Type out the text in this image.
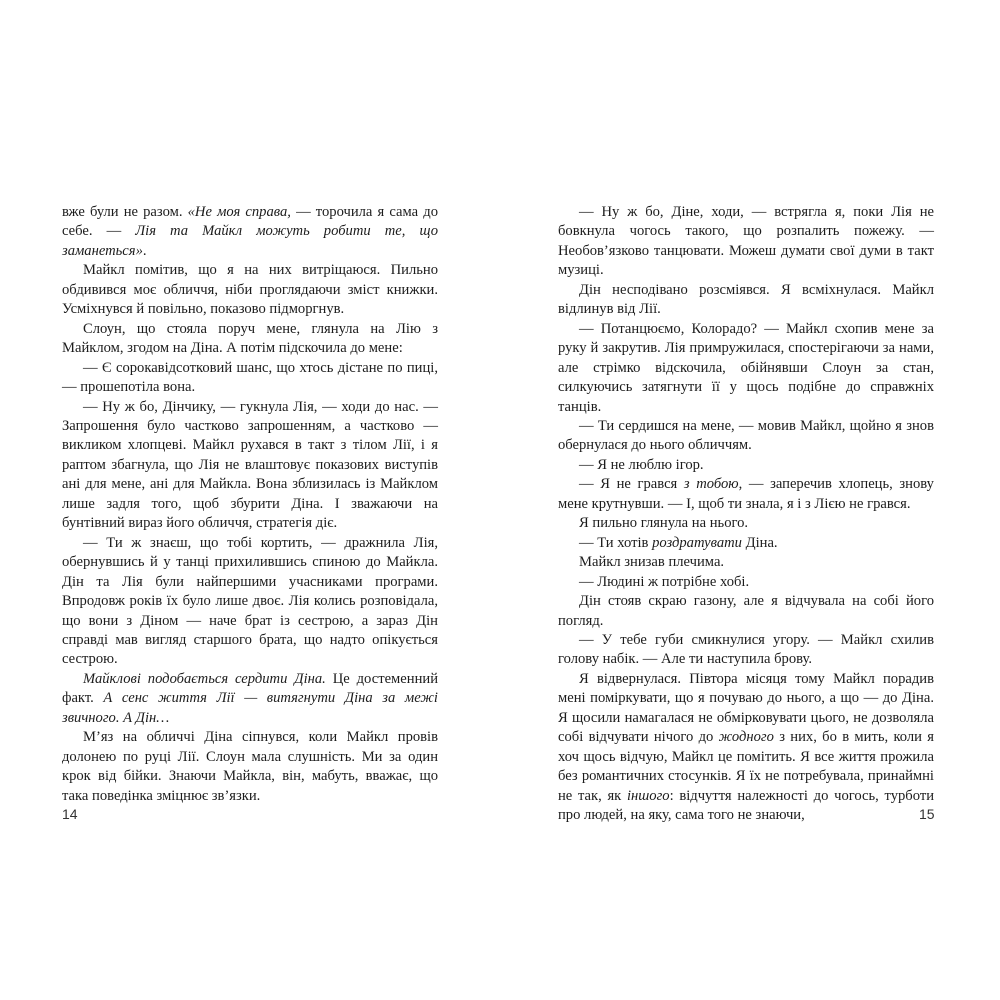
вже були не разом. «Не моя справа, — торочила я сама до себе. — Лія та Майкл можуть робити те, що заманеться».

Майкл помітив, що я на них витріщаюся. Пильно обдивився моє обличчя, ніби проглядаючи зміст книжки. Усміхнувся й повільно, показово підморгнув.

Слоун, що стояла поруч мене, глянула на Лію з Майклом, згодом на Діна. А потім підскочила до мене:

— Є сорокавідсотковий шанс, що хтось дістане по пиці, — прошепотіла вона.

— Ну ж бо, Дінчику, — гукнула Лія, — ходи до нас. — Запрошення було частково запрошенням, а частково — викликом хлопцеві. Майкл рухався в такт з тілом Лії, і я раптом збагнула, що Лія не влаштовує показових виступів ані для мене, ані для Майкла. Вона зблизилась із Майклом лише задля того, щоб збурити Діна. І зважаючи на бунтівний вираз його обличчя, стратегія діє.

— Ти ж знаєш, що тобі кортить, — дражнила Лія, обернувшись й у танці прихилившись спиною до Майкла. Дін та Лія були найпершими учасниками програми. Впродовж років їх було лише двоє. Лія колись розповідала, що вони з Діном — наче брат із сестрою, а зараз Дін справді мав вигляд старшого брата, що надто опікується сестрою.

Майклові подобається сердити Діна. Це достеменний факт. А сенс життя Лії — витягнути Діна за межі звичного. А Дін…

М’яз на обличчі Діна сіпнувся, коли Майкл провів долонею по руці Лії. Слоун мала слушність. Ми за один крок від бійки. Знаючи Майкла, він, мабуть, вважає, що така поведінка зміцнює зв’язки.

14

— Ну ж бо, Діне, ходи, — встрягла я, поки Лія не бовкнула чогось такого, що розпалить пожежу. — Необов’язково танцювати. Можеш думати свої думи в такт музиці.

Дін несподівано розсміявся. Я всміхнулася. Майкл відлинув від Лії.

— Потанцюємо, Колорадо? — Майкл схопив мене за руку й закрутив. Лія примружилася, спостерігаючи за нами, але стрімко відскочила, обійнявши Слоун за стан, силкуючись затягнути її у щось подібне до справжніх танців.

— Ти сердишся на мене, — мовив Майкл, щойно я знов обернулася до нього обличчям.

— Я не люблю ігор.

— Я не грався з тобою, — заперечив хлопець, знову мене крутнувши. — І, щоб ти знала, я і з Лією не грався.

Я пильно глянула на нього.

— Ти хотів роздратувати Діна.

Майкл знизав плечима.

— Людині ж потрібне хобі.

Дін стояв скраю газону, але я відчувала на собі його погляд.

— У тебе губи смикнулися угору. — Майкл схилив голову набік. — Але ти наступила брову.

Я відвернулася. Півтора місяця тому Майкл порадив мені поміркувати, що я почуваю до нього, а що — до Діна. Я щосили намагалася не обмірковувати цього, не дозволяла собі відчувати нічого до жодного з них, бо в мить, коли я хоч щось відчую, Майкл це помітить. Я все життя прожила без романтичних стосунків. Я їх не потребувала, принаймні не так, як іншого: відчуття належності до чогось, турботи про людей, на яку, сама того не знаючи,	15
